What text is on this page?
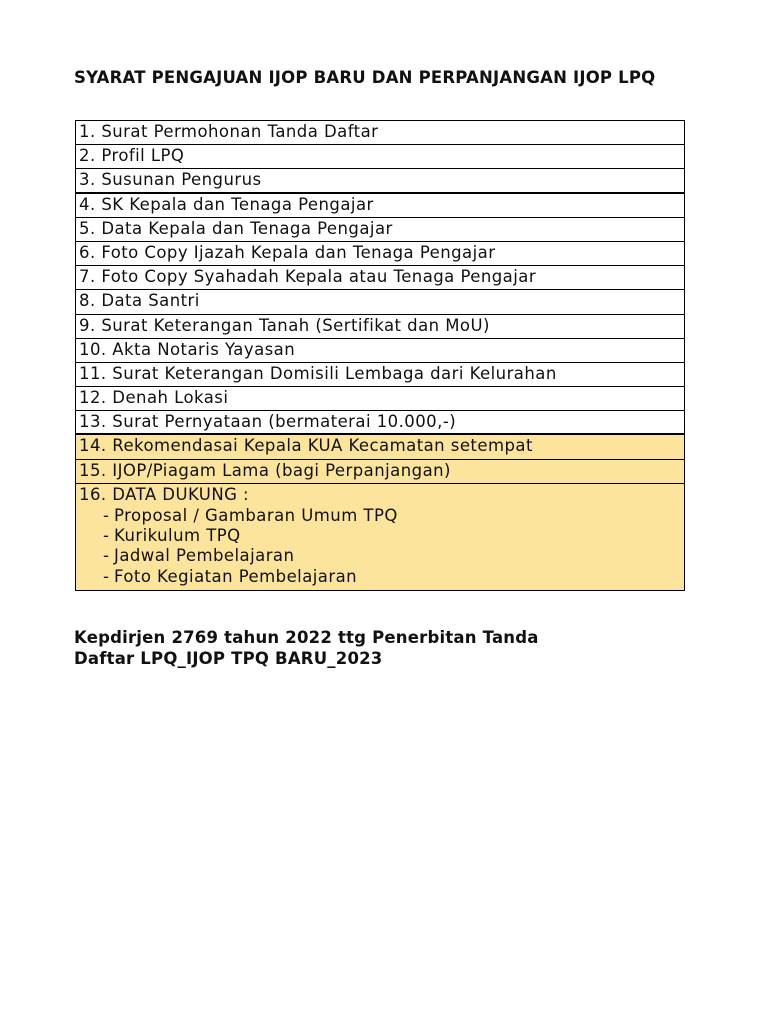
SYARAT PENGAJUAN IJOP BARU DAN PERPANJANGAN IJOP LPQ
1. Surat Permohonan Tanda Daftar
2. Profil LPQ
3. Susunan Pengurus
4. SK Kepala dan Tenaga Pengajar
5. Data Kepala dan Tenaga Pengajar
6. Foto Copy Ijazah Kepala dan Tenaga Pengajar
7. Foto Copy Syahadah Kepala atau Tenaga Pengajar
8. Data Santri
9. Surat Keterangan Tanah (Sertifikat dan MoU)
10. Akta Notaris Yayasan
11. Surat Keterangan Domisili Lembaga dari Kelurahan
12. Denah Lokasi
13. Surat Pernyataan (bermaterai 10.000,-)
14. Rekomendasai Kepala KUA Kecamatan setempat
15. IJOP/Piagam Lama (bagi Perpanjangan)
16. DATA DUKUNG :
- Proposal / Gambaran Umum TPQ
- Kurikulum TPQ
- Jadwal Pembelajaran
- Foto Kegiatan Pembelajaran

Kepdirjen 2769 tahun 2022 ttg Penerbitan Tanda
Daftar LPQ_IJOP TPQ BARU_2023
